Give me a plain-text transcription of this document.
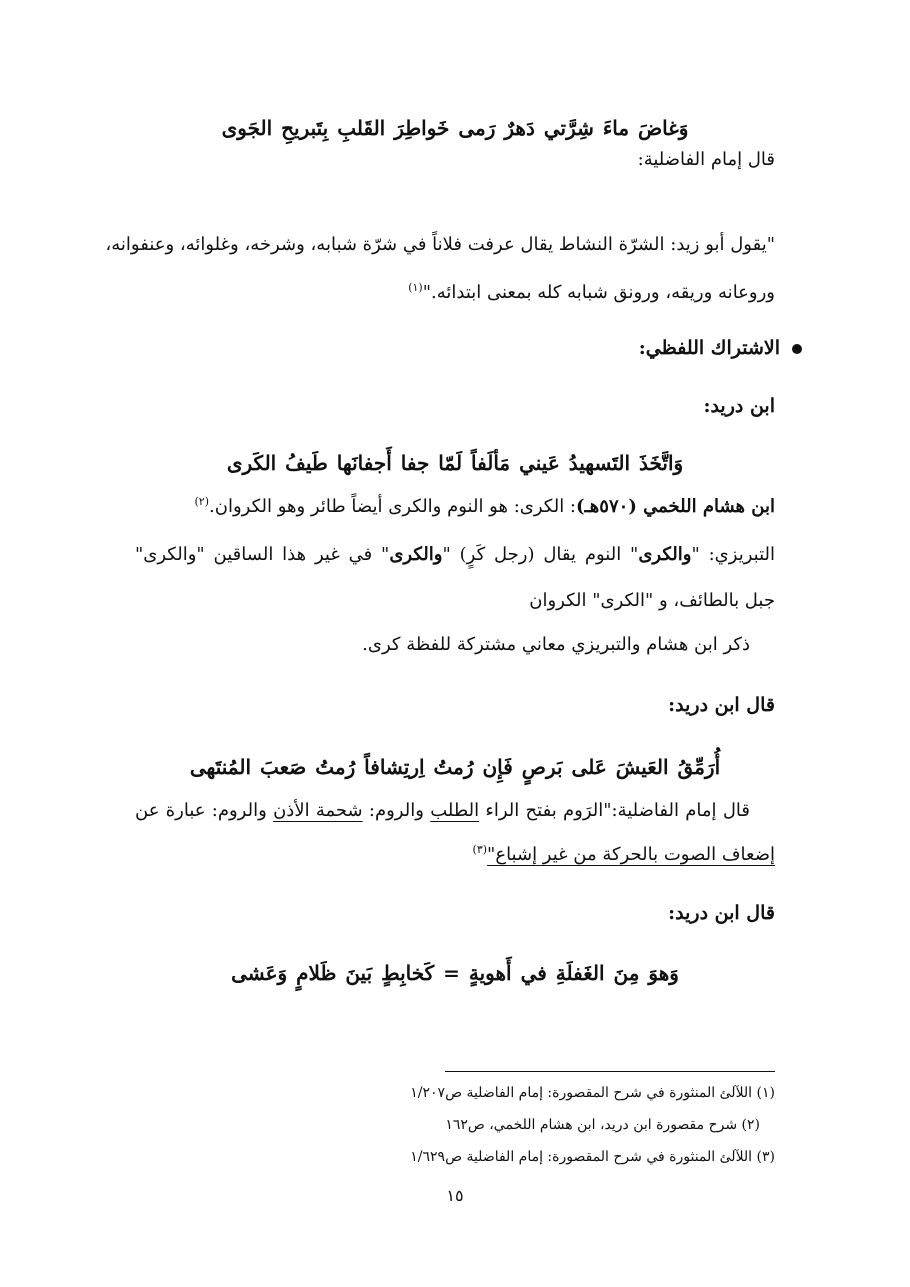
وَغاضَ ماءَ شِرَّتي دَهرٌ رَمى خَواطِرَ القَلبِ بِتَبريحِ الجَوى
قال إمام الفاضلية:
"يقول أبو زيد: الشرّة النشاط يقال عرفت فلاناً في شرّة شبابه، وشرخه، وغلوائه، وعنفوانه،
وروعانه وريقه، ورونق شبابه كله بمعنى ابتدائه."$^{(١)}$
الاشتراك اللفظي:
ابن دريد:
وَاتَّخَذَ التَسهيدُ عَيني مَألَفاً لَمّا جفا أَجفانَها طَيفُ الكَرى
ابن هشام اللخمي (٥٧٠هـ): الكرى: هو النوم والكرى أيضاً طائر وهو الكروان.$^{(٢)}$
التبريزي: "والكرى" النوم يقال (رجل كَرٍ) "والكرى" في غير هذا الساقين "والكرى"
جبل بالطائف، و "الكرى" الكروان
ذكر ابن هشام والتبريزي معاني مشتركة للفظة كرى.
قال ابن دريد:
أُرَمِّقُ العَيشَ عَلى بَرصٍ فَإِن رُمتُ اِرتِشافاً رُمتُ صَعبَ المُنتَهى
قال إمام الفاضلية:"الرَوم بفتح الراء الطلب والروم: شحمة الأذن والروم: عبارة عن
إضعاف الصوت بالحركة من غير إشباع"$^{(٣)}$
قال ابن دريد:
وَهوَ مِنَ الغَفلَةِ في أَهويةٍ = كَخابِطٍ بَينَ ظَلامٍ وَعَشى
(١) اللآلئ المنثورة في شرح المقصورة: إمام الفاضلية ص١/٢٠٧
(٢) شرح مقصورة ابن دريد، ابن هشام اللخمي، ص١٦٢
(٣) اللآلئ المنثورة في شرح المقصورة: إمام الفاضلية ص١/٦٢٩
١٥
